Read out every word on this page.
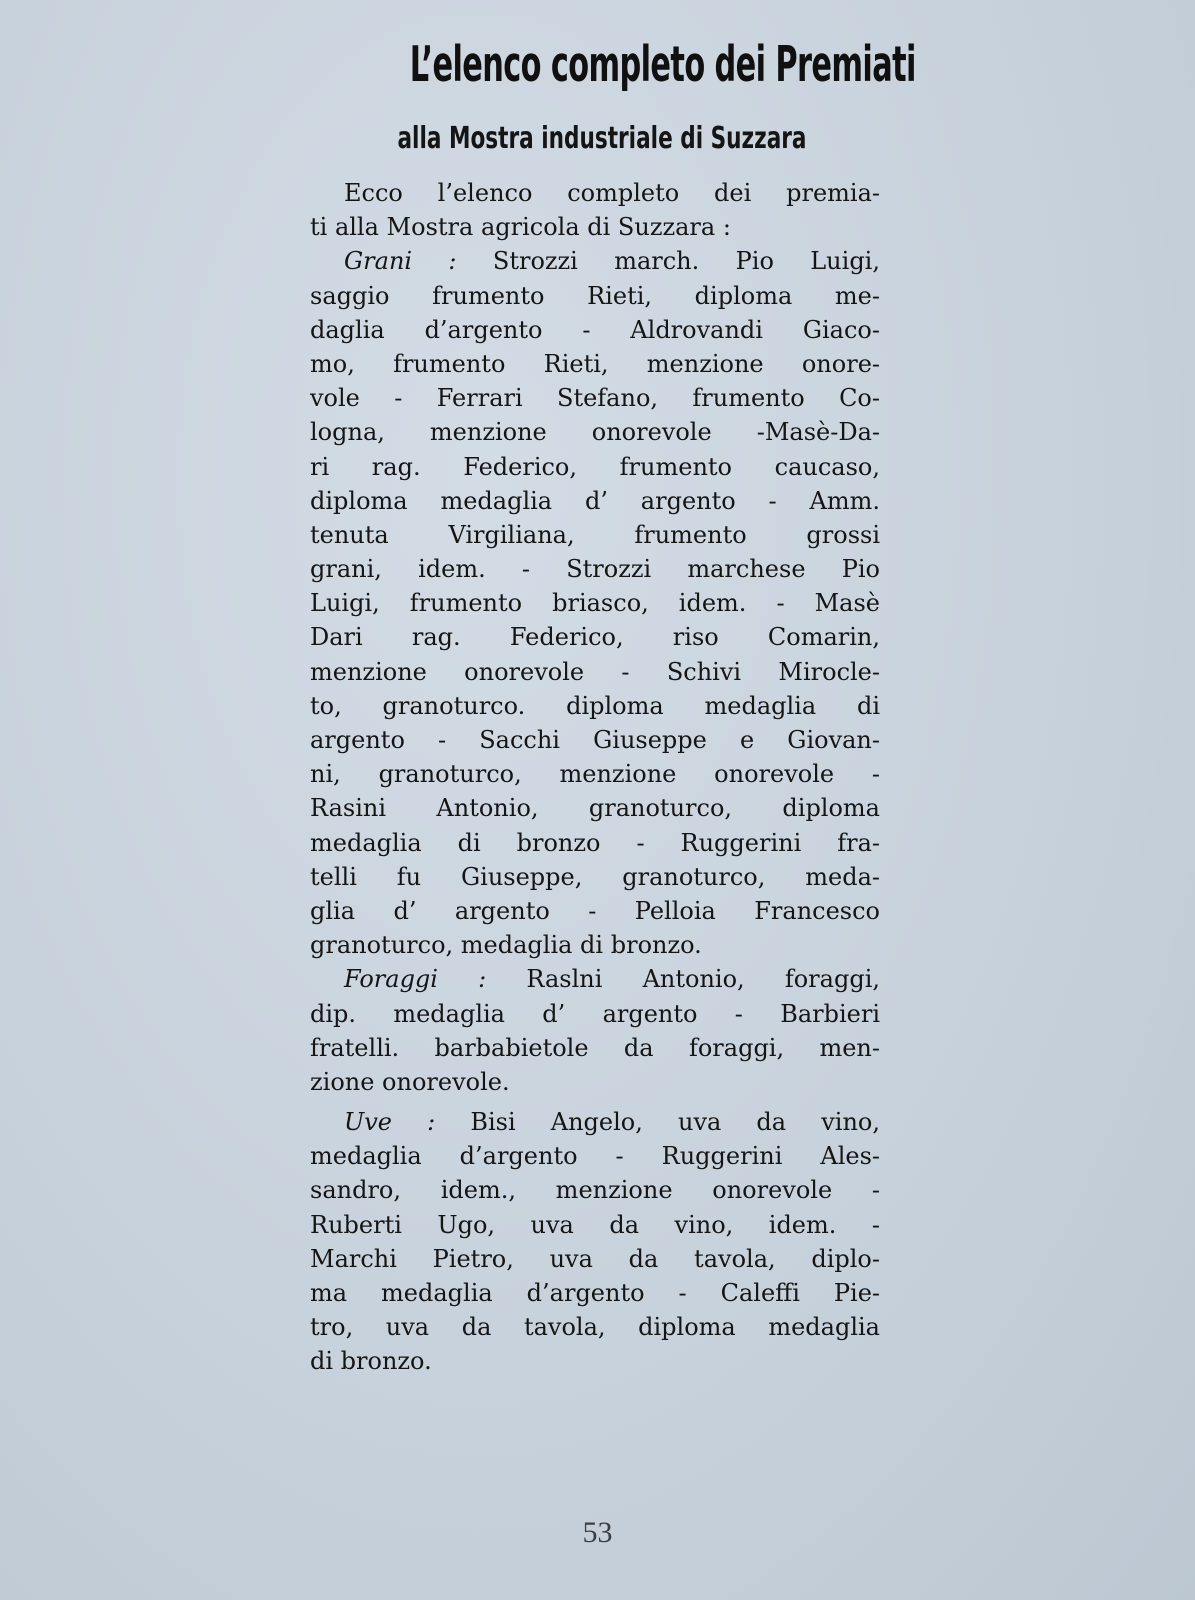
L’elenco completo dei Premiati
alla Mostra industriale di Suzzara
Ecco l’elenco completo dei premia-
ti alla Mostra agricola di Suzzara :
Grani : Strozzi march. Pio Luigi,
saggio frumento Rieti, diploma me-
daglia d’argento - Aldrovandi Giaco-
mo, frumento Rieti, menzione onore-
vole - Ferrari Stefano, frumento Co-
logna, menzione onorevole -Masè-Da-
ri rag. Federico, frumento caucaso,
diploma medaglia d’ argento - Amm.
tenuta Virgiliana, frumento grossi
grani, idem. - Strozzi marchese Pio
Luigi, frumento briasco, idem. - Masè
Dari rag. Federico, riso Comarin,
menzione onorevole - Schivi Mirocle-
to, granoturco. diploma medaglia di
argento - Sacchi Giuseppe e Giovan-
ni, granoturco, menzione onorevole -
Rasini Antonio, granoturco, diploma
medaglia di bronzo - Ruggerini fra-
telli fu Giuseppe, granoturco, meda-
glia d’ argento - Pelloia Francesco
granoturco, medaglia di bronzo.
Foraggi : Raslni Antonio, foraggi,
dip. medaglia d’ argento - Barbieri
fratelli. barbabietole da foraggi, men-
zione onorevole.
Uve : Bisi Angelo, uva da vino,
medaglia d’argento - Ruggerini Ales-
sandro, idem., menzione onorevole -
Ruberti Ugo, uva da vino, idem. -
Marchi Pietro, uva da tavola, diplo-
ma medaglia d’argento - Caleffi Pie-
tro, uva da tavola, diploma medaglia
di bronzo.
53
